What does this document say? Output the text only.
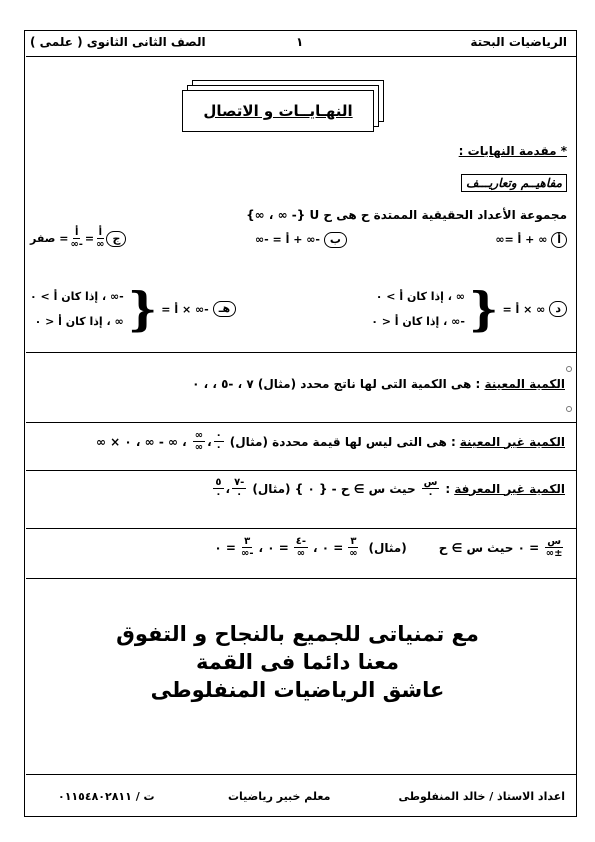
الرياضيات البحتة
١
الصف الثانى الثانوى ( علمى )
النهـايــات و الاتصال
* مقدمة النهايات :
مفاهيــم وتعاريـــف
مجموعة الأعداد الحقيقية الممتدة ح هى ح U {- ∞ ، ∞}
أ ∞ + أ =∞
ب -∞ + أ = -∞
ج
$\frac{\text{أ}}{\infty}$
=
$\frac{\text{أ}}{-\infty}$
= صفر
د
∞ × أ =
{
∞ ، إذا كان أ > ٠
-∞ ، إذا كان أ < ٠
هـ
-∞ × أ =
{
-∞ ، إذا كان أ > ٠
∞ ، إذا كان أ < ٠
الكمية المعينة : هى الكمية التى لها ناتج محدد (مثال) ٧ ، -٥ ، ، ٠
الكمية غير المعينة
: هى التى ليس لها قيمة محددة (مثال)
$\frac{٠}{٠}$
،
$\frac{\infty}{\infty}$
، ∞ - ∞ ، ٠ × ∞
الكمية غير المعرفة
:
$\frac{\text{س}}{٠}$
حيث س ∋ ح - { ٠ } (مثال)
$\frac{-٧}{٠}$
،
$\frac{٥}{٠}$
$\frac{\text{س}}{\pm\infty}$
= ٠ حيث س ∋ ح
(مثال)
$\frac{٣}{\infty}$
= ٠ ،
$\frac{-٤}{\infty}$
= ٠ ،
$\frac{٣}{-\infty}$
= ٠
مع تمنياتى للجميع بالنجاح و التفوق
معنا دائما فى القمة
عاشق الرياضيات المنفلوطى
اعداد الاستاذ / خالد المنفلوطى
معلم خبير رياضيات
ت / ٠١١٥٤٨٠٢٨١١
